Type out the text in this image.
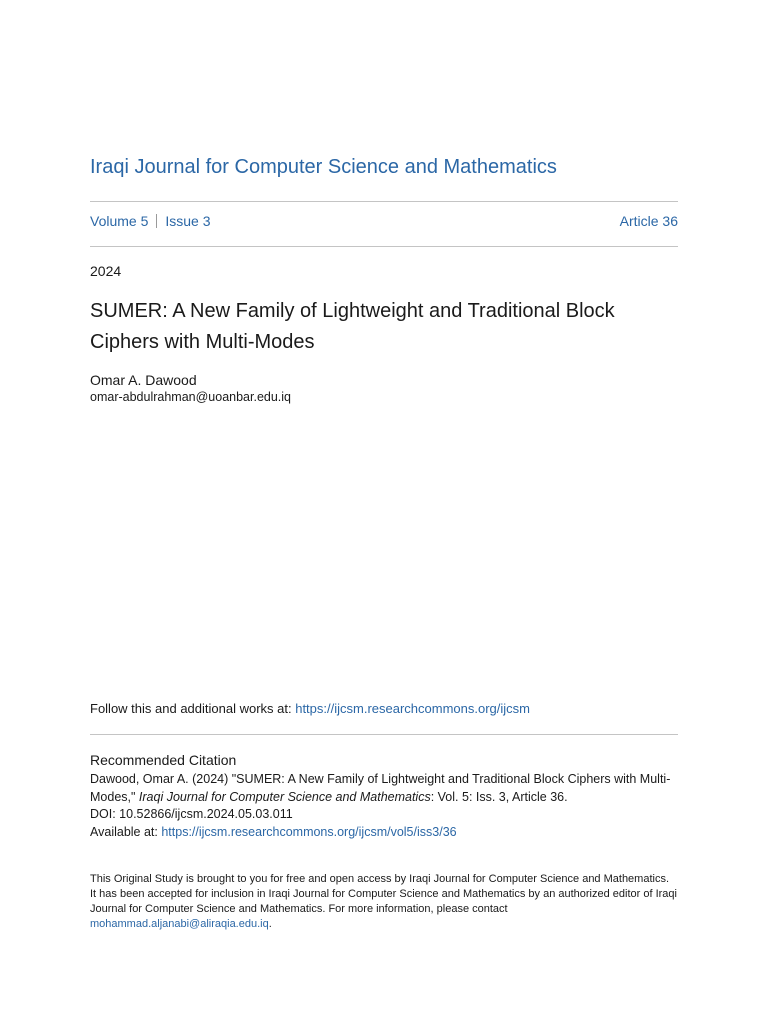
Iraqi Journal for Computer Science and Mathematics
Volume 5 Issue 3	Article 36
2024
SUMER: A New Family of Lightweight and Traditional Block Ciphers with Multi-Modes
Omar A. Dawood
omar-abdulrahman@uoanbar.edu.iq
Follow this and additional works at: https://ijcsm.researchcommons.org/ijcsm
Recommended Citation
Dawood, Omar A. (2024) "SUMER: A New Family of Lightweight and Traditional Block Ciphers with Multi-Modes," Iraqi Journal for Computer Science and Mathematics: Vol. 5: Iss. 3, Article 36.
DOI: 10.52866/ijcsm.2024.05.03.011
Available at: https://ijcsm.researchcommons.org/ijcsm/vol5/iss3/36
This Original Study is brought to you for free and open access by Iraqi Journal for Computer Science and Mathematics. It has been accepted for inclusion in Iraqi Journal for Computer Science and Mathematics by an authorized editor of Iraqi Journal for Computer Science and Mathematics. For more information, please contact mohammad.aljanabi@aliraqia.edu.iq.
